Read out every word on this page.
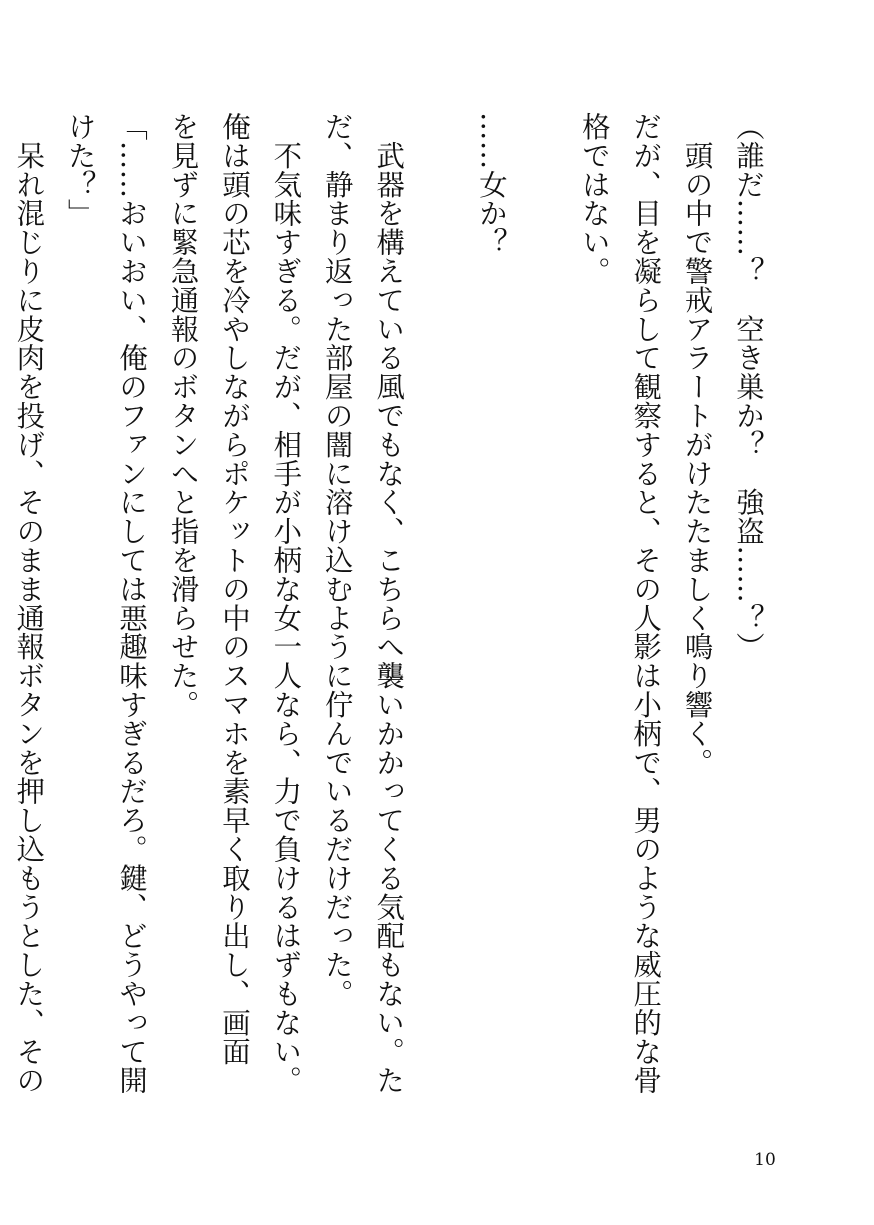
（誰だ……？　空き巣か？　強盗……？）
　頭の中で警戒アラートがけたたましく鳴り響く。
だが、目を凝らして観察すると、その人影は小柄で、男のような威圧的な骨
格ではない。

……女か？

　武器を構えている風でもなく、こちらへ襲いかかってくる気配もない。た
だ、静まり返った部屋の闇に溶け込むように佇んでいるだけだった。
　不気味すぎる。だが、相手が小柄な女一人なら、力で負けるはずもない。
俺は頭の芯を冷やしながらポケットの中のスマホを素早く取り出し、画面
を見ずに緊急通報のボタンへと指を滑らせた。
「……おいおい、俺のファンにしては悪趣味すぎるだろ。鍵、どうやって開
けた？」
　呆れ混じりに皮肉を投げ、そのまま通報ボタンを押し込もうとした、その

10
